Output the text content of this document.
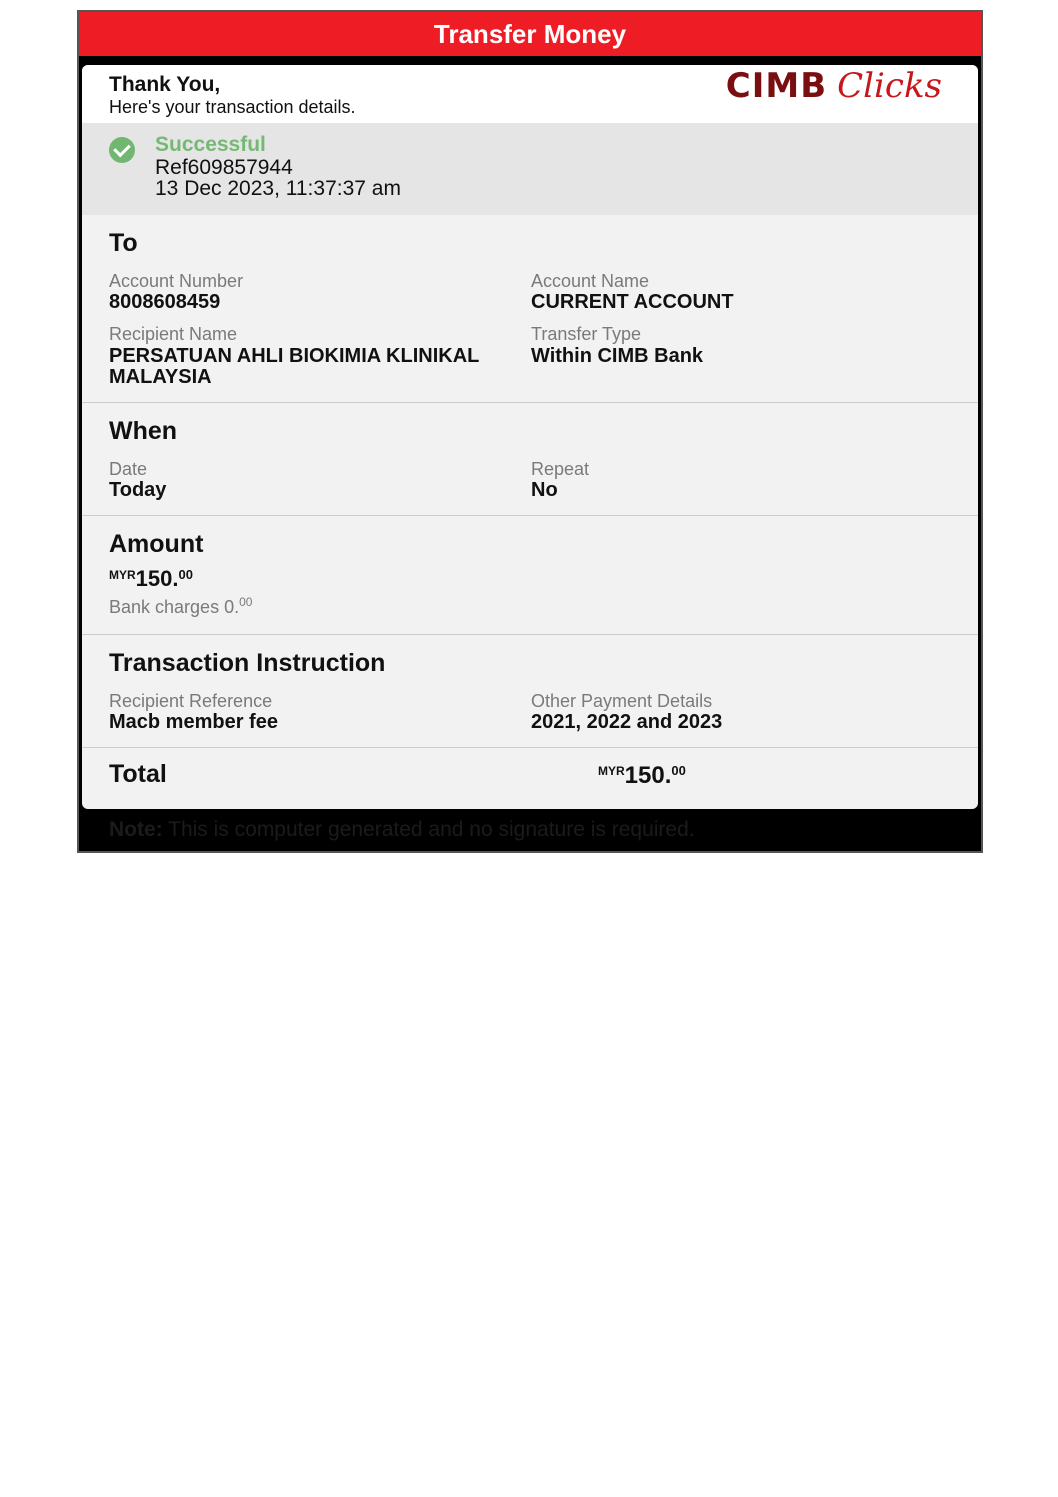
Transfer Money
Thank You,
Here's your transaction details.
CIMB Clicks
Successful
Ref609857944
13 Dec 2023, 11:37:37 am
To
Account Number
8008608459
Account Name
CURRENT ACCOUNT
Recipient Name
PERSATUAN AHLI BIOKIMIA KLINIKAL
MALAYSIA
Transfer Type
Within CIMB Bank
When
Date
Today
Repeat
No
Amount
$^{MYR}$150.00
Bank charges 0.00
Transaction Instruction
Recipient Reference
Macb member fee
Other Payment Details
2021, 2022 and 2023
Total	$^{MYR}$150.00
Note: This is computer generated and no signature is required.
